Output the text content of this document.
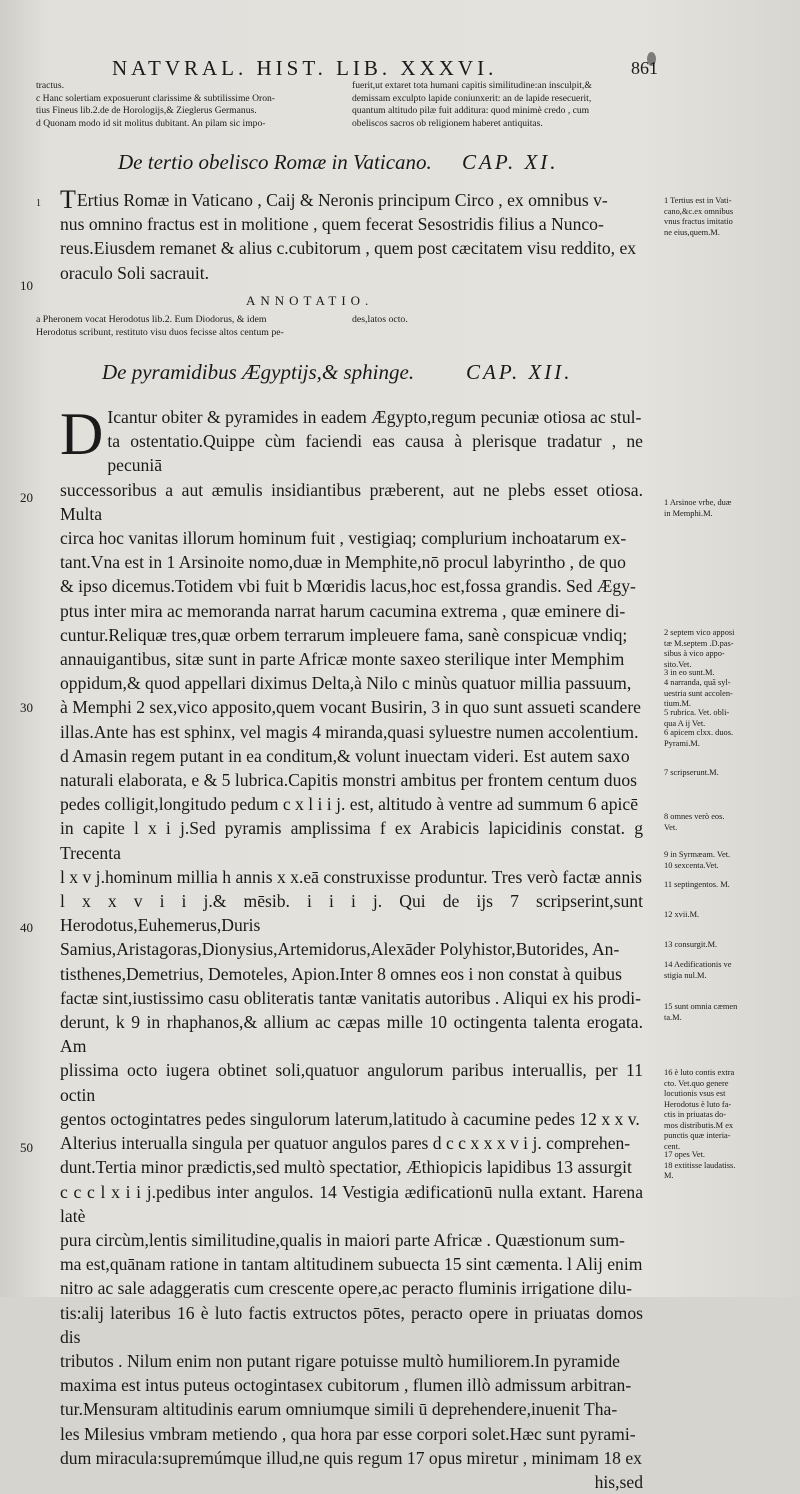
NATVRAL. HIST. LIB. XXXVI.	861

tractus.

c Hanc solertiam exposuerunt clarissime & subtilissime Oron-

tius Fineus lib.2.de de Horologijs,& Zieglerus Germanus.

d Quonam modo id sit molitus dubitant. An pilam sic impo-

fuerit,ut extaret tota humani capitis similitudine:an insculpit,&

demissam exculpto lapide coniunxerit: an de lapide resecuerit,

quantum altitudo pilæ fuit additura: quod minimè credo , cum

obeliscos sacros ob religionem haberet antiquitas.

De tertio obelisco Romæ in Vaticano. CAP. XI.
1 T Ertius Romæ in Vaticano , Caij & Neronis principum Circo , ex omnibus v-

nus omnino fractus est in molitione , quem fecerat Sesostridis filius a Nunco-

reus.Eiusdem remanet & alius c.cubitorum , quem post cæcitatem visu reddito, ex

oraculo Soli sacrauit.

10
ANNOTATIO.

a Pheronem vocat Herodotus lib.2. Eum Diodorus, & idem

Herodotus scribunt, restituto visu duos fecisse altos centum pe-

des,latos octo.

De pyramidibus Ægyptijs,& sphinge. CAP. XII.
D Icantur obiter & pyramides in eadem Ægypto,regum pecuniæ otiosa ac stul-

ta ostentatio.Quippe cùm faciendi eas causa à plerisque tradatur , ne pecuniā

successoribus a aut æmulis insidiantibus præberent, aut ne plebs esset otiosa. Multa

circa hoc vanitas illorum hominum fuit , vestigiaq; complurium inchoatarum ex-

tant.Vna est in 1 Arsinoite nomo,duæ in Memphite,nō procul labyrintho , de quo

& ipso dicemus.Totidem vbi fuit b Mœridis lacus,hoc est,fossa grandis. Sed Ægy-

ptus inter mira ac memoranda narrat harum cacumina extrema , quæ eminere di-

cuntur.Reliquæ tres,quæ orbem terrarum impleuere fama, sanè conspicuæ vndiq;

annauigantibus, sitæ sunt in parte Africæ monte saxeo sterilique inter Memphim

oppidum,& quod appellari diximus Delta,à Nilo c minùs quatuor millia passuum,

à Memphi 2 sex,vico apposito,quem vocant Busirin, 3 in quo sunt assueti scandere

illas.Ante has est sphinx, vel magis 4 miranda,quasi syluestre numen accolentium.

d Amasin regem putant in ea conditum,& volunt inuectam videri. Est autem saxo

naturali elaborata, e & 5 lubrica.Capitis monstri ambitus per frontem centum duos

pedes colligit,longitudo pedum c x l i i j. est, altitudo à ventre ad summum 6 apicē

in capite l x i j.Sed pyramis amplissima f ex Arabicis lapicidinis constat. g Trecenta

l x v j.hominum millia h annis x x.eā construxisse produntur. Tres verò factæ annis

l x x v i i j.& mēsib. i i i j. Qui de ijs 7 scripserint,sunt Herodotus,Euhemerus,Duris

Samius,Aristagoras,Dionysius,Artemidorus,Alexāder Polyhistor,Butorides, An-

tisthenes,Demetrius, Demoteles, Apion.Inter 8 omnes eos i non constat à quibus

factæ sint,iustissimo casu obliteratis tantæ vanitatis autoribus . Aliqui ex his prodi-

derunt, k 9 in rhaphanos,& allium ac cæpas mille 10 octingenta talenta erogata. Am

plissima octo iugera obtinet soli,quatuor angulorum paribus interuallis, per 11 octin

gentos octogintatres pedes singulorum laterum,latitudo à cacumine pedes 12 x x v.

Alterius interualla singula per quatuor angulos pares d c c x x x v i j. comprehen-

dunt.Tertia minor prædictis,sed multò spectatior, Æthiopicis lapidibus 13 assurgit

c c c l x i i j.pedibus inter angulos. 14 Vestigia ædificationū nulla extant. Harena latè

pura circùm,lentis similitudine,qualis in maiori parte Africæ . Quæstionum sum-

ma est,quānam ratione in tantam altitudinem subuecta 15 sint cæmenta. l Alij enim

nitro ac sale adaggeratis cum crescente opere,ac peracto fluminis irrigatione dilu-

tis:alij lateribus 16 è luto factis extructos pōtes, peracto opere in priuatas domos dis

tributos . Nilum enim non putant rigare potuisse multò humiliorem.In pyramide

maxima est intus puteus octogintasex cubitorum , flumen illò admissum arbitran-

tur.Mensuram altitudinis earum omniumque simili ū deprehendere,inuenit Tha-

les Milesius vmbram metiendo , qua hora par esse corpori solet.Hæc sunt pyrami-

dum miracula:supremúmque illud,ne quis regum 17 opus miretur , minimam 18 ex

his,sed

20
30
40
50

1 Tertius est in Vati-

cano,&c.ex omnibus

vnus fractus imitatio

ne eius,quem.M.

1 Arsinoe vrbe, duæ

in Memphi.M.

2 septem vico apposi

tæ M.septem .D.pas-

sibus à vico appo-

sito.Vet.

3 in eo sunt.M.

4 narranda, quā syl-

uestria sunt accolen-

tium.M.

5 rubrica. Vet. obli-

qua A ij Vet.

6 apicem clxx. duos.

Pyrami.M.

7 scripserunt.M.

8 omnes verò eos.

Vet.

9 in Syrmæam. Vet.

10 sexcenta.Vet.

11 septingentos. M.

12 xvii.M.

13 consurgit.M.

14 Aedificationis ve

stigia nul.M.

15 sunt omnia cæmen

ta.M.

16 è luto contis extra

cto. Vet.quo genere

locutionis vsus est

Herodotus è luto fa-

ctis in priuatas do-

mos distributis.M ex

punctis quæ interia-

cent.

17 opes Vet.

18 extitisse laudatiss.

M.
